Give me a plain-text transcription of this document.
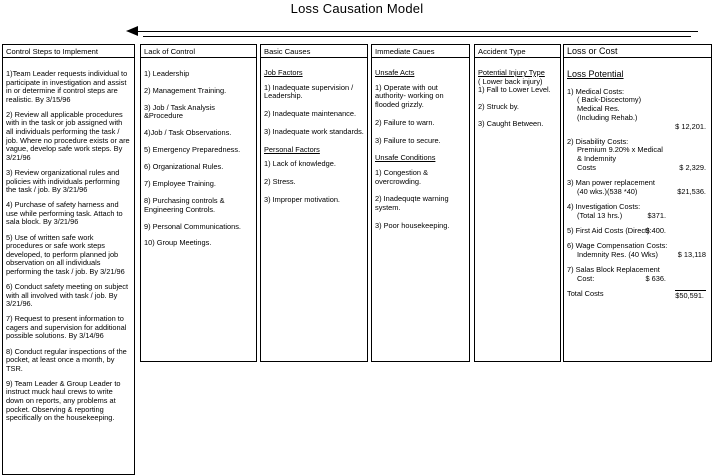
Loss Causation Model
Control Steps to Implement
1)Team Leader requests individual to participate in investigation and assist in or determine if control steps are realistic. By 3/15/96
2) Review all applicable procedures with in the task or job assigned with all individuals performing the task / job. Where no procedure exists or are vague, develop safe work steps. By 3/21/96
3) Review organizational rules and policies with individuals performing the task / job. By 3/21/96
4) Purchase of safety harness and use while performing task. Attach to sala block. By 3/21/96
5) Use of written safe work procedures or safe work steps developed, to perform planned job observation on all individuals performing the task / job. By 3/21/96
6) Conduct safety meeting on subject with all involved with task / job. By 3/21/96.
7) Request to present information to cagers and supervision for additional possible solutions. By 3/14/96
8) Conduct regular inspections of the pocket, at least once a month, by TSR.
9) Team Leader & Group Leader to instruct muck haul crews to write down on reports, any problems at pocket. Observing & reporting specifically on the housekeeping.
Lack of Control
1) Leadership
2) Management Training.
3) Job / Task Analysis &Procedure
4)Job / Task Observations.
5) Emergency Preparedness.
6) Organizational Rules.
7) Employee Training.
8) Purchasing controls & Engineering Controls.
9) Personal Communications.
10) Group Meetings.
Basic Causes
Job Factors
1) Inadequate supervision / Leadership.
2) Inadequate maintenance.
3) Inadequate work standards.
Personal Factors
1) Lack of knowledge.
2) Stress.
3) Improper motivation.
Immediate Caues
Unsafe Acts
1) Operate with out authority- working on flooded grizzly.
2) Failure to warn.
3) Failure to secure.
Unsafe Conditions
1) Congestion & overcrowding.
2) Inadequqte warning system.
3) Poor housekeeping.
Accident Type
Potential Injury Type
( Lower back injury)
1) Fall to Lower Level.
2) Struck by.
3) Caught Between.
Loss or Cost
Loss Potential
1) Medical Costs:
( Back-Discectomy)
Medical Res.
(Including Rehab.)
$ 12,201.
2) Disability Costs:
Premium 9.20% x Medical
& Indemnity
Costs	$ 2,329.
3) Man power replacement
(40 wks.)(538 *40)	$21,536.
4) Investigation Costs:
(Total 13 hrs.)	$371.
5) First Aid Costs (Direct):
$ 400.
6) Wage Compensation Costs:
Indemnity Res. (40 Wks)	$ 13,118
7) Salas Block Replacement
Cost:	$ 636.
Total Costs	$50,591.
